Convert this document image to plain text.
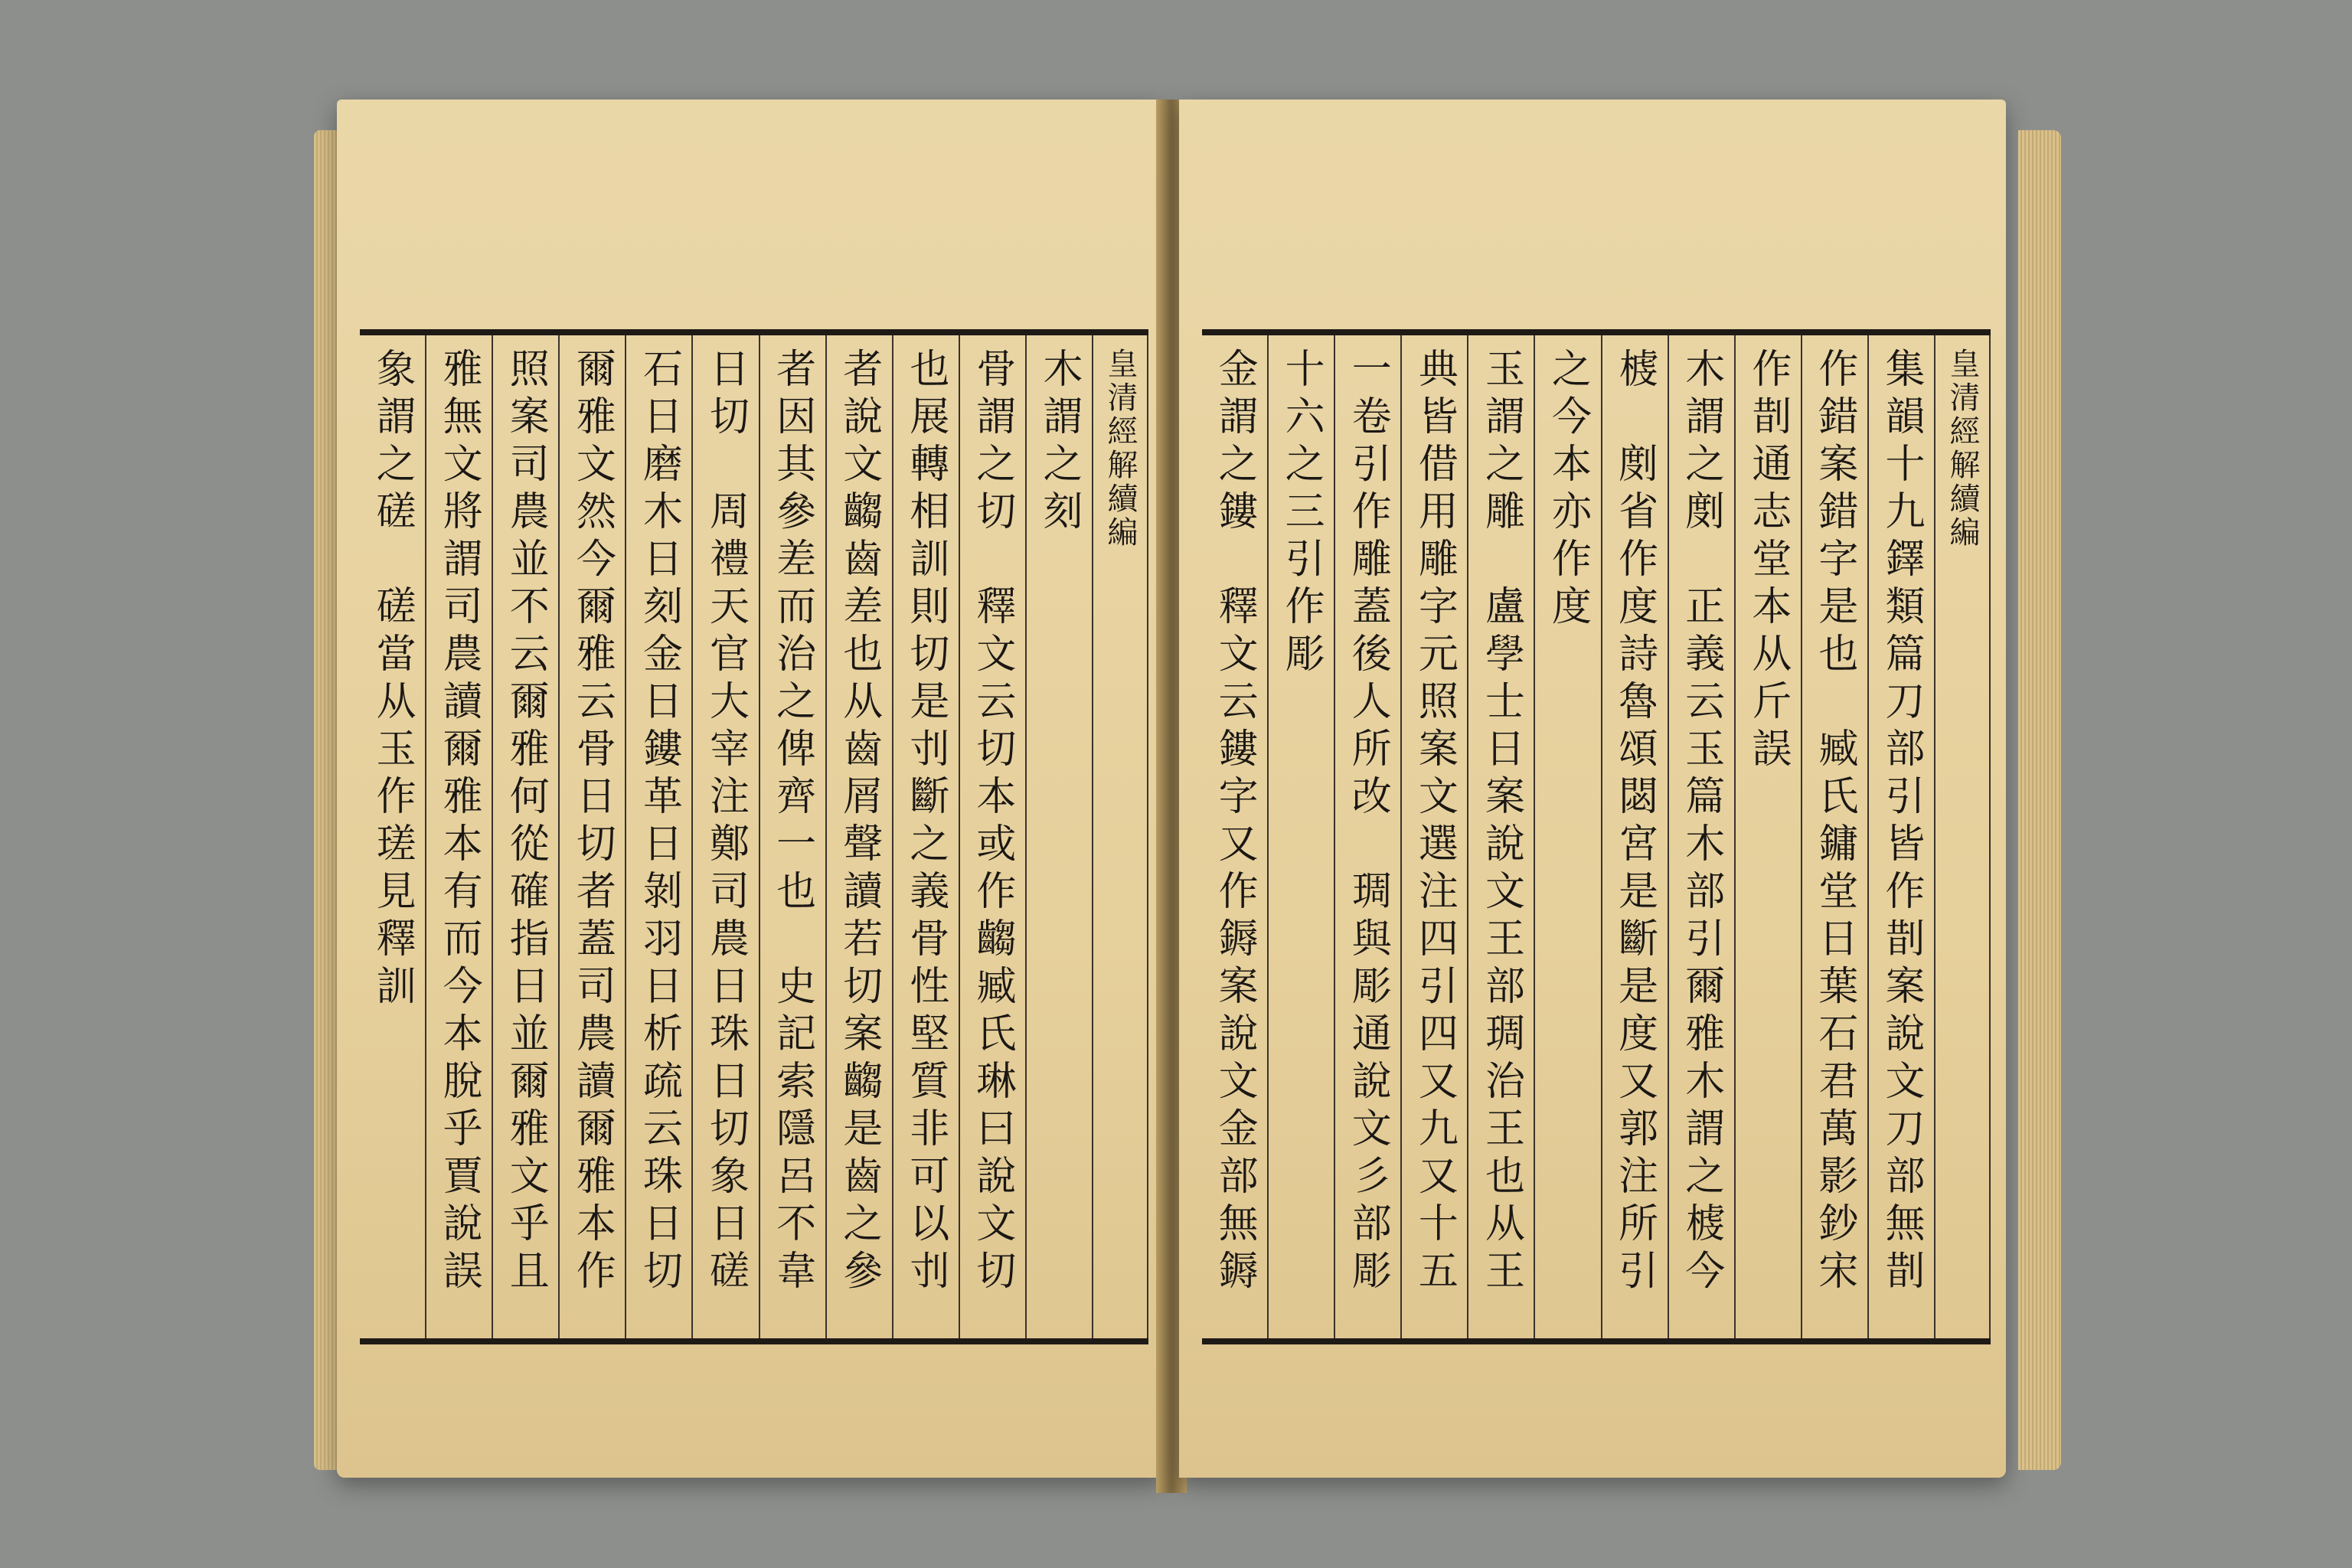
皇清經解續編
木謂之刻
骨謂之切　釋文云切本或作齺臧氏琳曰說文切
也展轉相訓則切是刌斷之義骨性堅質非可以刌
者說文齺齒差也从齒屑聲讀若切案齺是齒之參
者因其參差而治之俾齊一也　史記索隱呂不韋
日切　周禮天官大宰注鄭司農日珠日切象日磋
石日磨木日刻金日鏤革日剝羽日析疏云珠日切
爾雅文然今爾雅云骨日切者蓋司農讀爾雅本作
照案司農並不云爾雅何從確指日並爾雅文乎且
雅無文將謂司農讀爾雅本有而今本脫乎賈說誤
象謂之磋　磋當从玉作瑳見釋訓	皇清經解續編
集韻十九鐸類篇刀部引皆作剒案說文刀部無剒
作錯案錯字是也　臧氏鏞堂日葉石君萬影鈔宋
作剒通志堂本从斤誤
木謂之剫　正義云玉篇木部引爾雅木謂之榩今
榩　剫省作度詩魯頌閟宮是斷是度又郭注所引
之今本亦作度
玉謂之雕　盧學士日案說文王部琱治王也从王
典皆借用雕字元照案文選注四引四又九又十五
一卷引作雕蓋後人所改　琱與彫通說文彡部彫
十六之三引作彫
金謂之鏤　釋文云鏤字又作鎒案說文金部無鎒
